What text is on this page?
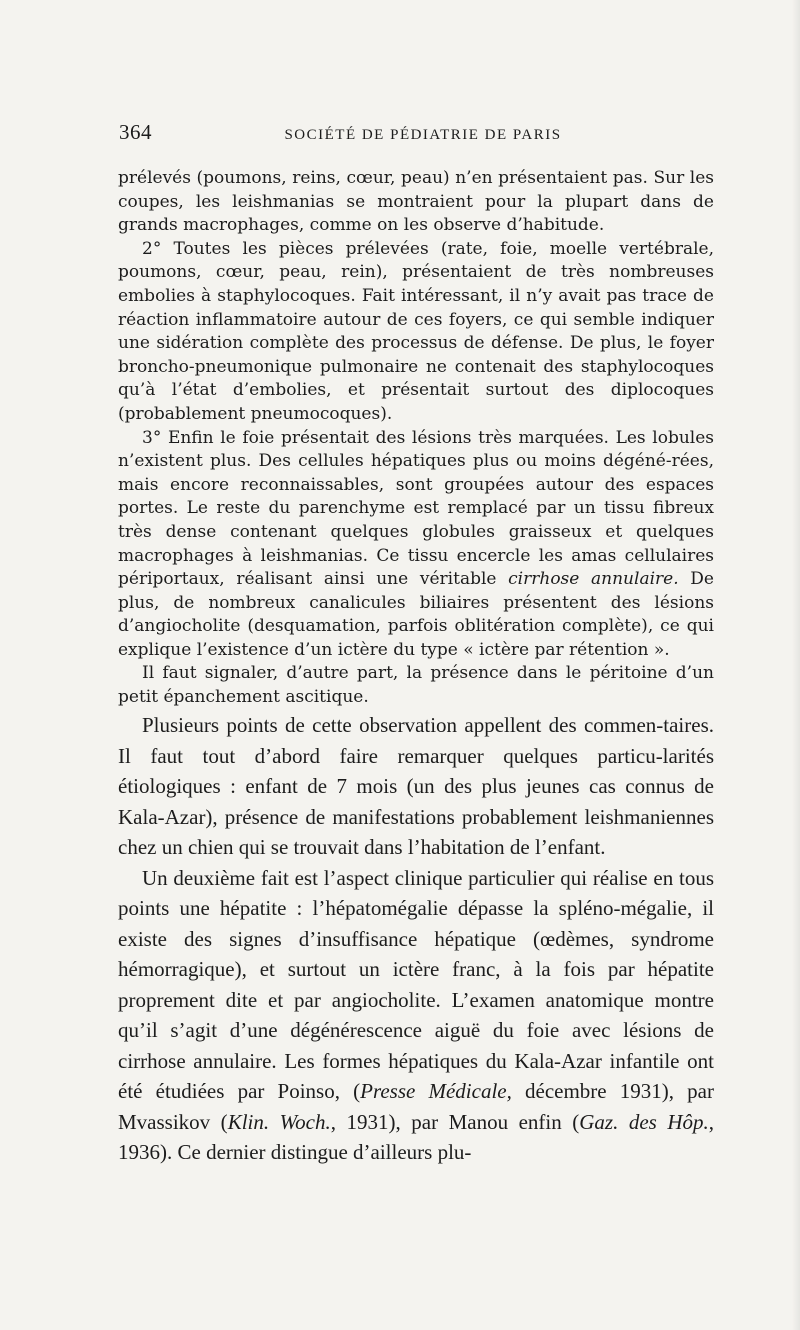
364	SOCIÉTÉ DE PÉDIATRIE DE PARIS

prélevés (poumons, reins, cœur, peau) n’en présentaient pas. Sur les coupes, les leishmanias se montraient pour la plupart dans de grands macrophages, comme on les observe d’habitude.

2° Toutes les pièces prélevées (rate, foie, moelle vertébrale, poumons, cœur, peau, rein), présentaient de très nombreuses embolies à staphylocoques. Fait intéressant, il n’y avait pas trace de réaction inflammatoire autour de ces foyers, ce qui semble indiquer une sidération complète des processus de défense. De plus, le foyer broncho-pneumonique pulmonaire ne contenait des staphylocoques qu’à l’état d’embolies, et présentait surtout des diplocoques (probablement pneumocoques).

3° Enfin le foie présentait des lésions très marquées. Les lobules n’existent plus. Des cellules hépatiques plus ou moins dégéné-rées, mais encore reconnaissables, sont groupées autour des espaces portes. Le reste du parenchyme est remplacé par un tissu fibreux très dense contenant quelques globules graisseux et quelques macrophages à leishmanias. Ce tissu encercle les amas cellulaires périportaux, réalisant ainsi une véritable cirrhose annulaire. De plus, de nombreux canalicules biliaires présentent des lésions d’angiocholite (desquamation, parfois oblitération complète), ce qui explique l’existence d’un ictère du type « ictère par rétention ».

Il faut signaler, d’autre part, la présence dans le péritoine d’un petit épanchement ascitique.

Plusieurs points de cette observation appellent des commen-taires. Il faut tout d’abord faire remarquer quelques particu-larités étiologiques : enfant de 7 mois (un des plus jeunes cas connus de Kala-Azar), présence de manifestations probablement leishmaniennes chez un chien qui se trouvait dans l’habitation de l’enfant.

Un deuxième fait est l’aspect clinique particulier qui réalise en tous points une hépatite : l’hépatomégalie dépasse la spléno-mégalie, il existe des signes d’insuffisance hépatique (œdèmes, syndrome hémorragique), et surtout un ictère franc, à la fois par hépatite proprement dite et par angiocholite. L’examen anatomique montre qu’il s’agit d’une dégénérescence aiguë du foie avec lésions de cirrhose annulaire. Les formes hépatiques du Kala-Azar infantile ont été étudiées par Poinso, (Presse Médicale, décembre 1931), par Mvassikov (Klin. Woch., 1931), par Manou enfin (Gaz. des Hôp., 1936). Ce dernier distingue d’ailleurs plu-
